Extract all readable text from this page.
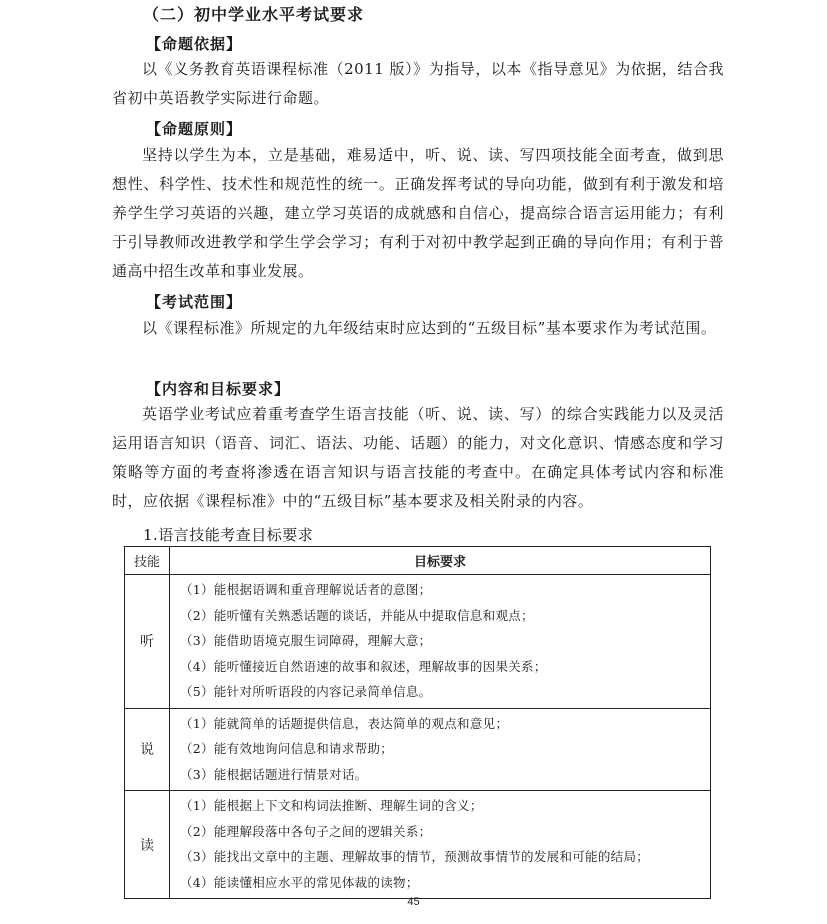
（二）初中学业水平考试要求
【命题依据】

以《义务教育英语课程标准（2011 版）》为指导，以本《指导意见》为依据，结合我省初中英语教学实际进行命题。

【命题原则】

坚持以学生为本，立是基础，难易适中，听、说、读、写四项技能全面考查，做到思想性、科学性、技术性和规范性的统一。正确发挥考试的导向功能，做到有利于激发和培养学生学习英语的兴趣，建立学习英语的成就感和自信心，提高综合语言运用能力；有利于引导教师改进教学和学生学会学习；有利于对初中教学起到正确的导向作用；有利于普通高中招生改革和事业发展。

【考试范围】

以《课程标准》所规定的九年级结束时应达到的“五级目标”基本要求作为考试范围。

【内容和目标要求】

英语学业考试应着重考查学生语言技能（听、说、读、写）的综合实践能力以及灵活运用语言知识（语音、词汇、语法、功能、话题）的能力，对文化意识、情感态度和学习策略等方面的考查将渗透在语言知识与语言技能的考查中。在确定具体考试内容和标准时，应依据《课程标准》中的“五级目标”基本要求及相关附录的内容。

1.语言技能考查目标要求
技能	目标要求
听	（1）能根据语调和重音理解说话者的意图；
（2）能听懂有关熟悉话题的谈话，并能从中提取信息和观点；
（3）能借助语境克服生词障碍，理解大意；
（4）能听懂接近自然语速的故事和叙述，理解故事的因果关系；
（5）能针对所听语段的内容记录简单信息。

说	（1）能就简单的话题提供信息，表达简单的观点和意见；
（2）能有效地询问信息和请求帮助；
（3）能根据话题进行情景对话。

读	（1）能根据上下文和构词法推断、理解生词的含义；
（2）能理解段落中各句子之间的逻辑关系；
（3）能找出文章中的主题、理解故事的情节，预测故事情节的发展和可能的结局；
（4）能读懂相应水平的常见体裁的读物；
45
